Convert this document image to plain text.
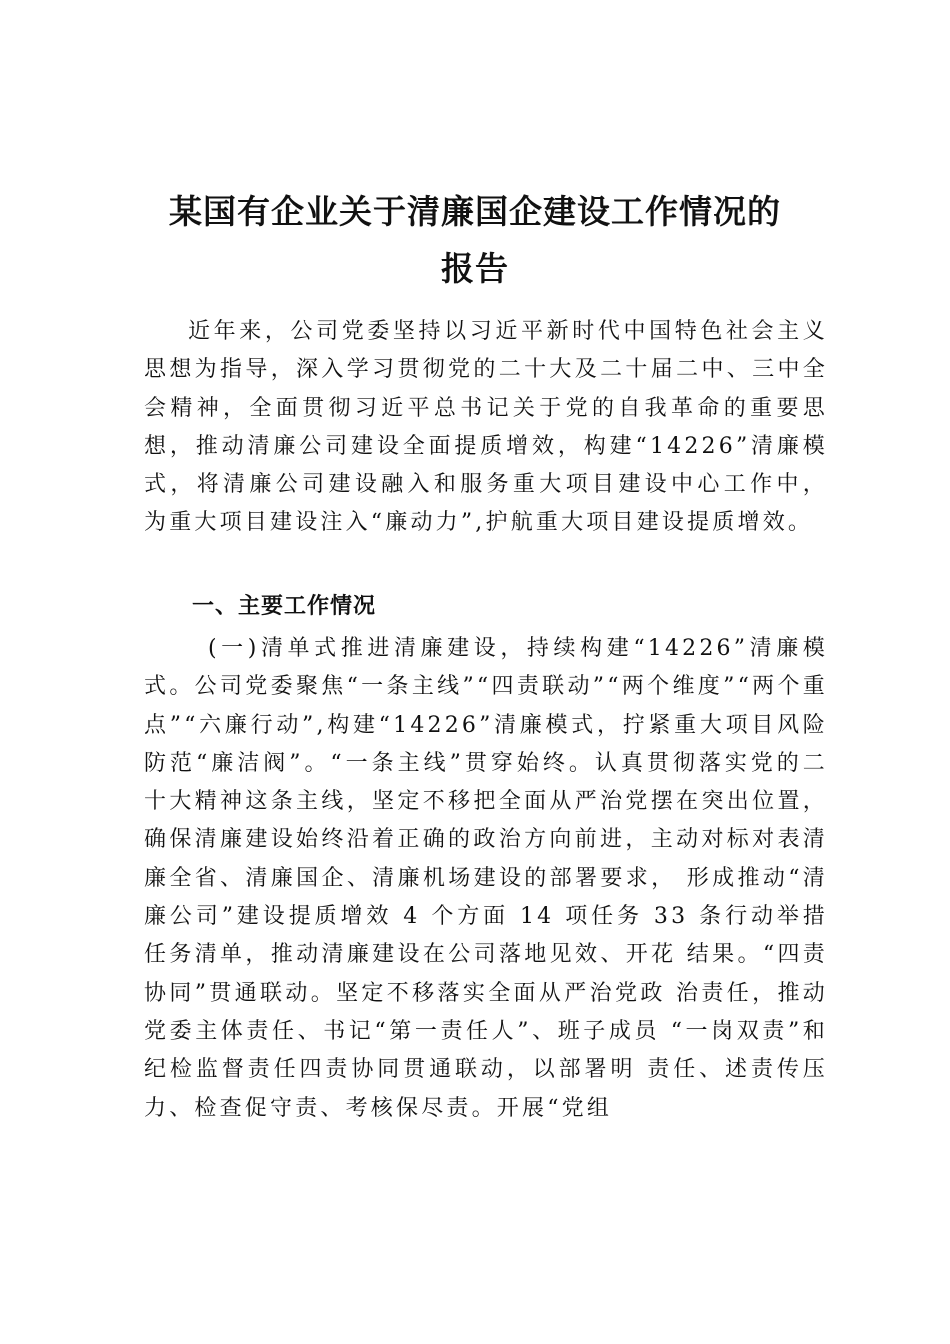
某国有企业关于清廉国企建设工作情况的
报告

近年来，公司党委坚持以习近平新时代中国特色社会主义思想为指导，深入学习贯彻党的二十大及二十届二中、三中全会精神，全面贯彻习近平总书记关于党的自我革命的重要思想，推动清廉公司建设全面提质增效，构建“14226”清廉模式，将清廉公司建设融入和服务重大项目建设中心工作中， 为重大项目建设注入“廉动力”,护航重大项目建设提质增效。

一、主要工作情况

(一)清单式推进清廉建设，持续构建“14226”清廉模式。公司党委聚焦“一条主线”“四责联动”“两个维度”“两个重点”“六廉行动”,构建“14226”清廉模式，拧紧重大项目风险防范“廉洁阀”。“一条主线”贯穿始终。认真贯彻落实党的二十大精神这条主线，坚定不移把全面从严治党摆在突出位置，确保清廉建设始终沿着正确的政治方向前进，主动对标对表清廉全省、清廉国企、清廉机场建设的部署要求， 形成推动“清廉公司”建设提质增效 4 个方面 14 项任务 33 条行动举措任务清单，推动清廉建设在公司落地见效、开花 结果。“四责协同”贯通联动。坚定不移落实全面从严治党政 治责任，推动党委主体责任、书记“第一责任人”、班子成员 “一岗双责”和纪检监督责任四责协同贯通联动，以部署明 责任、述责传压力、检查促守责、考核保尽责。开展“党组
